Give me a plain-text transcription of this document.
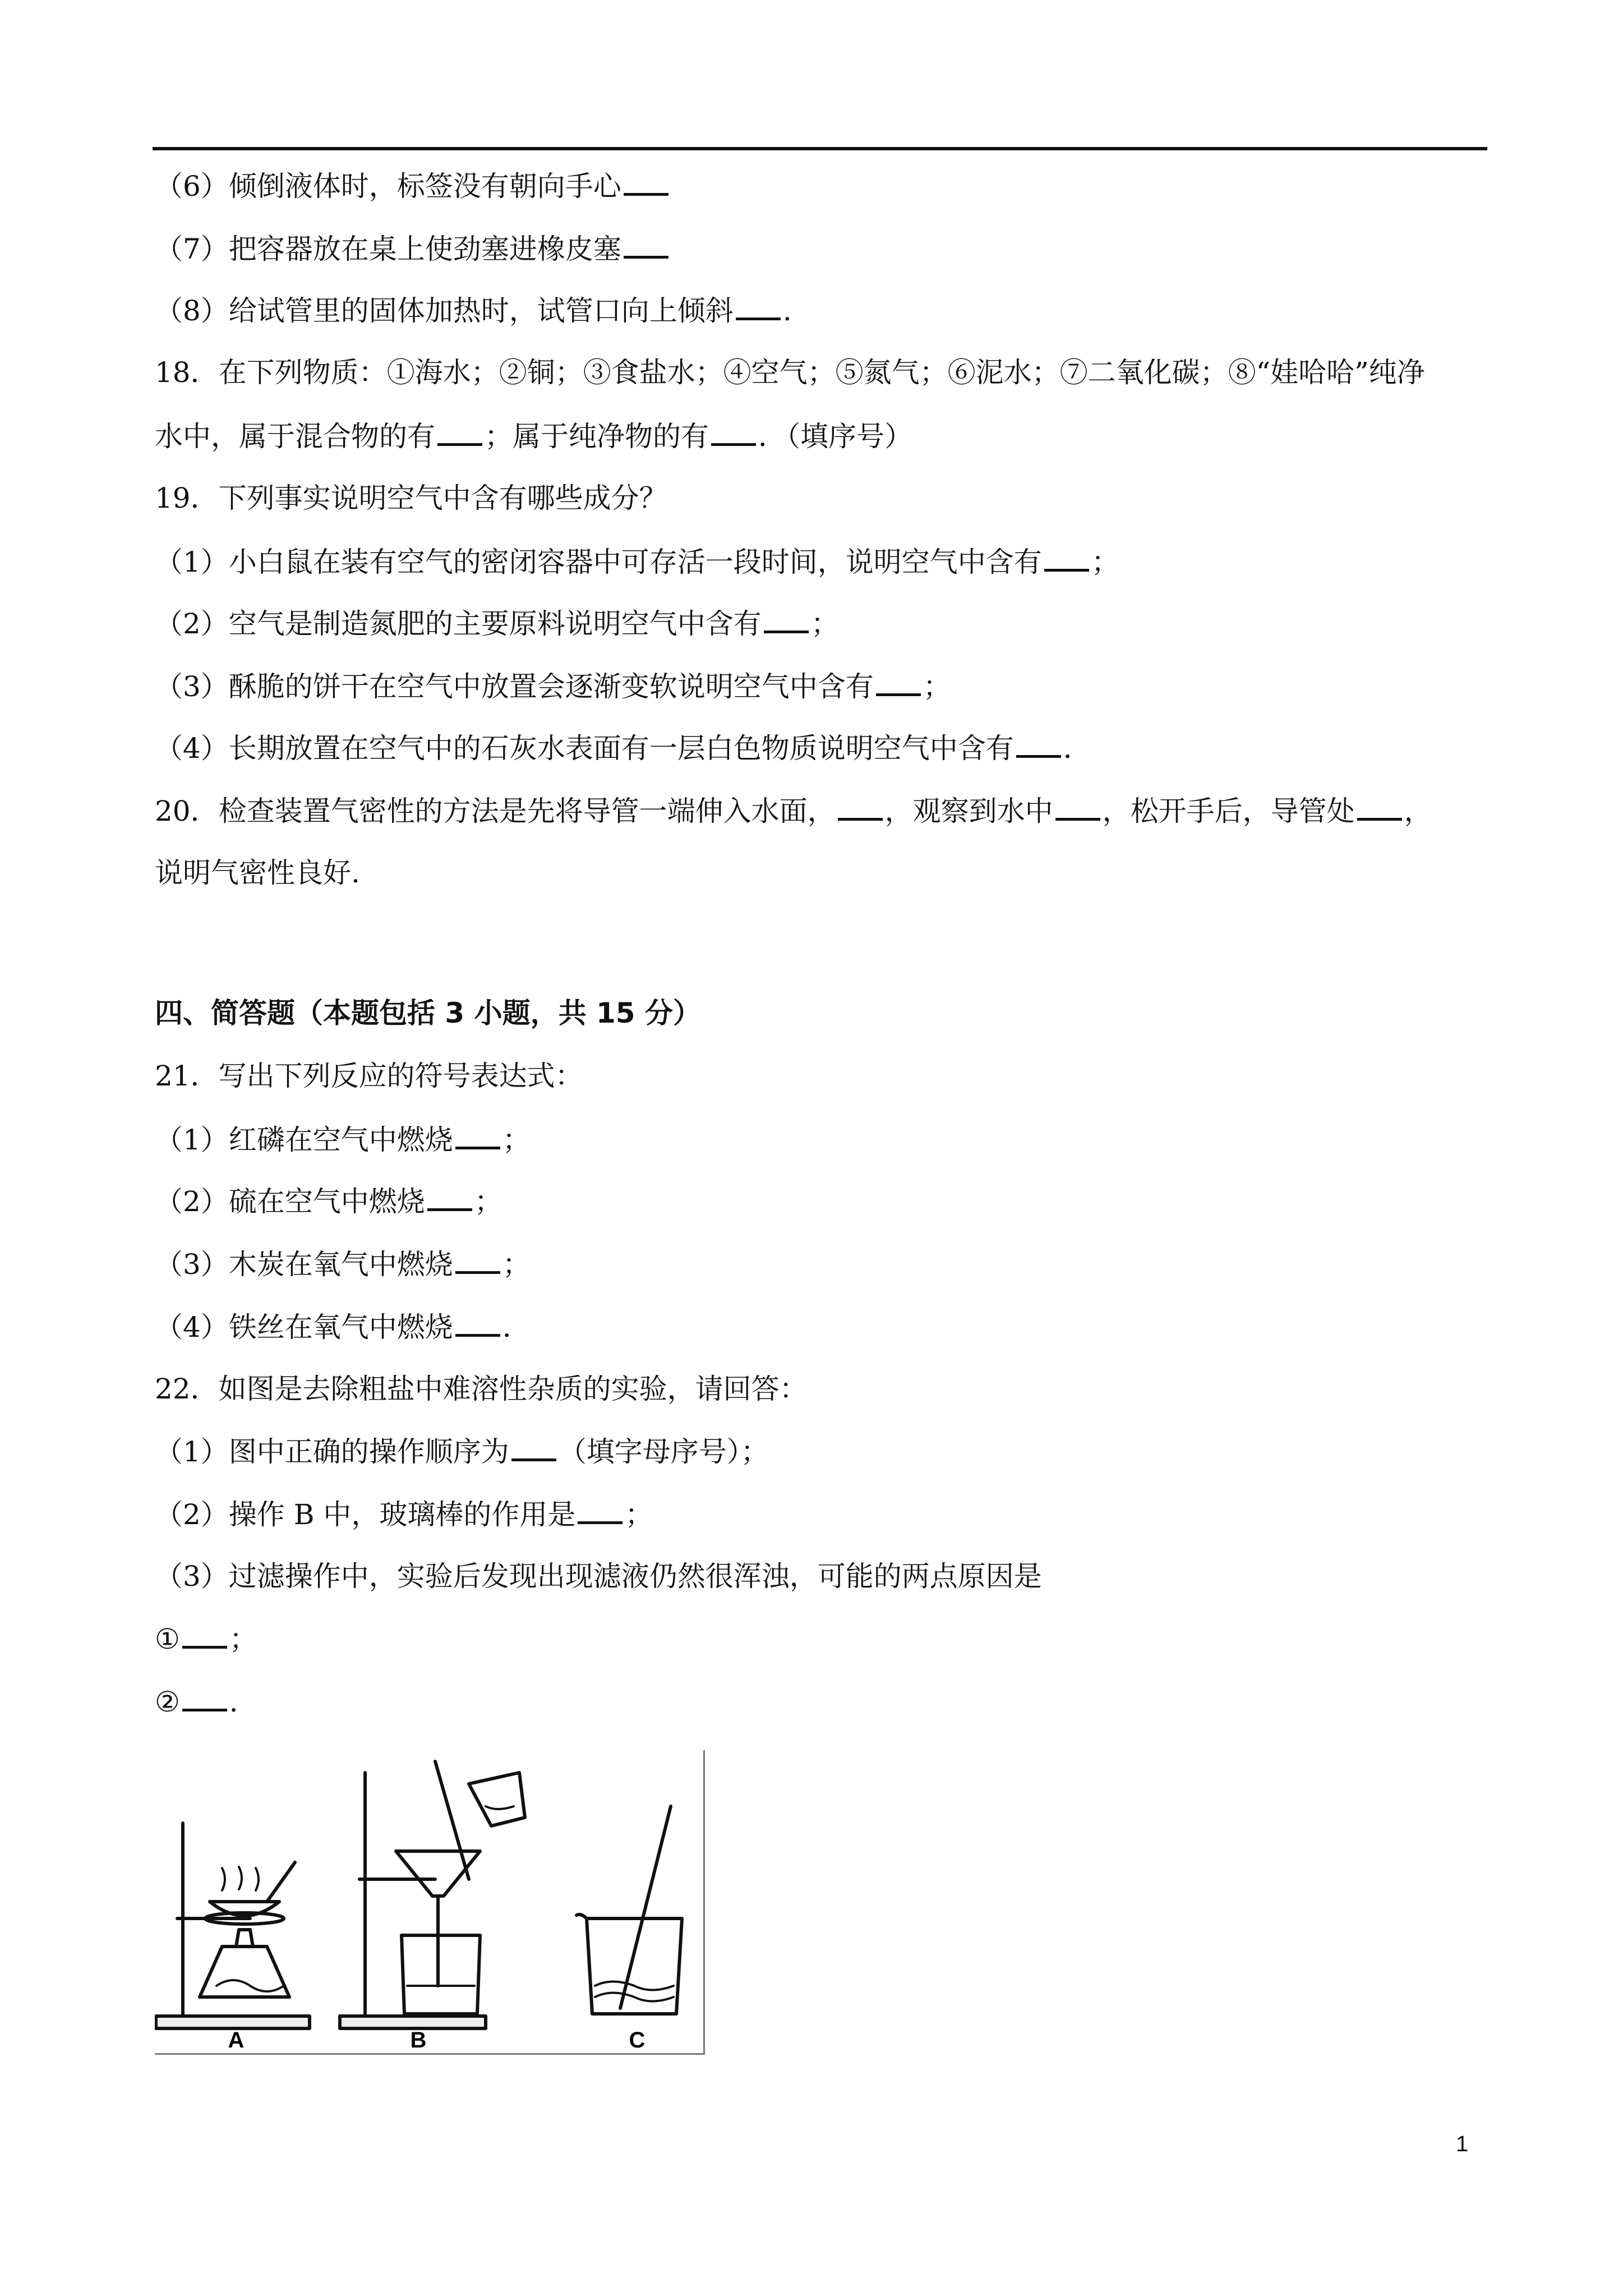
（6）倾倒液体时，标签没有朝向手心
（7）把容器放在桌上使劲塞进橡皮塞
（8）给试管里的固体加热时，试管口向上倾斜 .
18．在下列物质：①海水；②铜；③食盐水；④空气；⑤氮气；⑥泥水；⑦二氧化碳；⑧“娃哈哈”纯净
水中，属于混合物的有 ；属于纯净物的有 ．（填序号）
19．下列事实说明空气中含有哪些成分？
（1）小白鼠在装有空气的密闭容器中可存活一段时间，说明空气中含有 ；
（2）空气是制造氮肥的主要原料说明空气中含有 ；
（3）酥脆的饼干在空气中放置会逐渐变软说明空气中含有 ；
（4）长期放置在空气中的石灰水表面有一层白色物质说明空气中含有 ．
20．检查装置气密性的方法是先将导管一端伸入水面， ，观察到水中 ，松开手后，导管处 ，
说明气密性良好.
四、简答题（本题包括 3 小题，共 15 分）
21．写出下列反应的符号表达式：
（1）红磷在空气中燃烧 ；
（2）硫在空气中燃烧 ；
（3）木炭在氧气中燃烧 ；
（4）铁丝在氧气中燃烧 ．
22．如图是去除粗盐中难溶性杂质的实验，请回答：
（1）图中正确的操作顺序为 （填字母序号）；
（2）操作 B 中，玻璃棒的作用是 ；
（3）过滤操作中，实验后发现出现滤液仍然很浑浊，可能的两点原因是
① ；
② ．
A	B	C
1
